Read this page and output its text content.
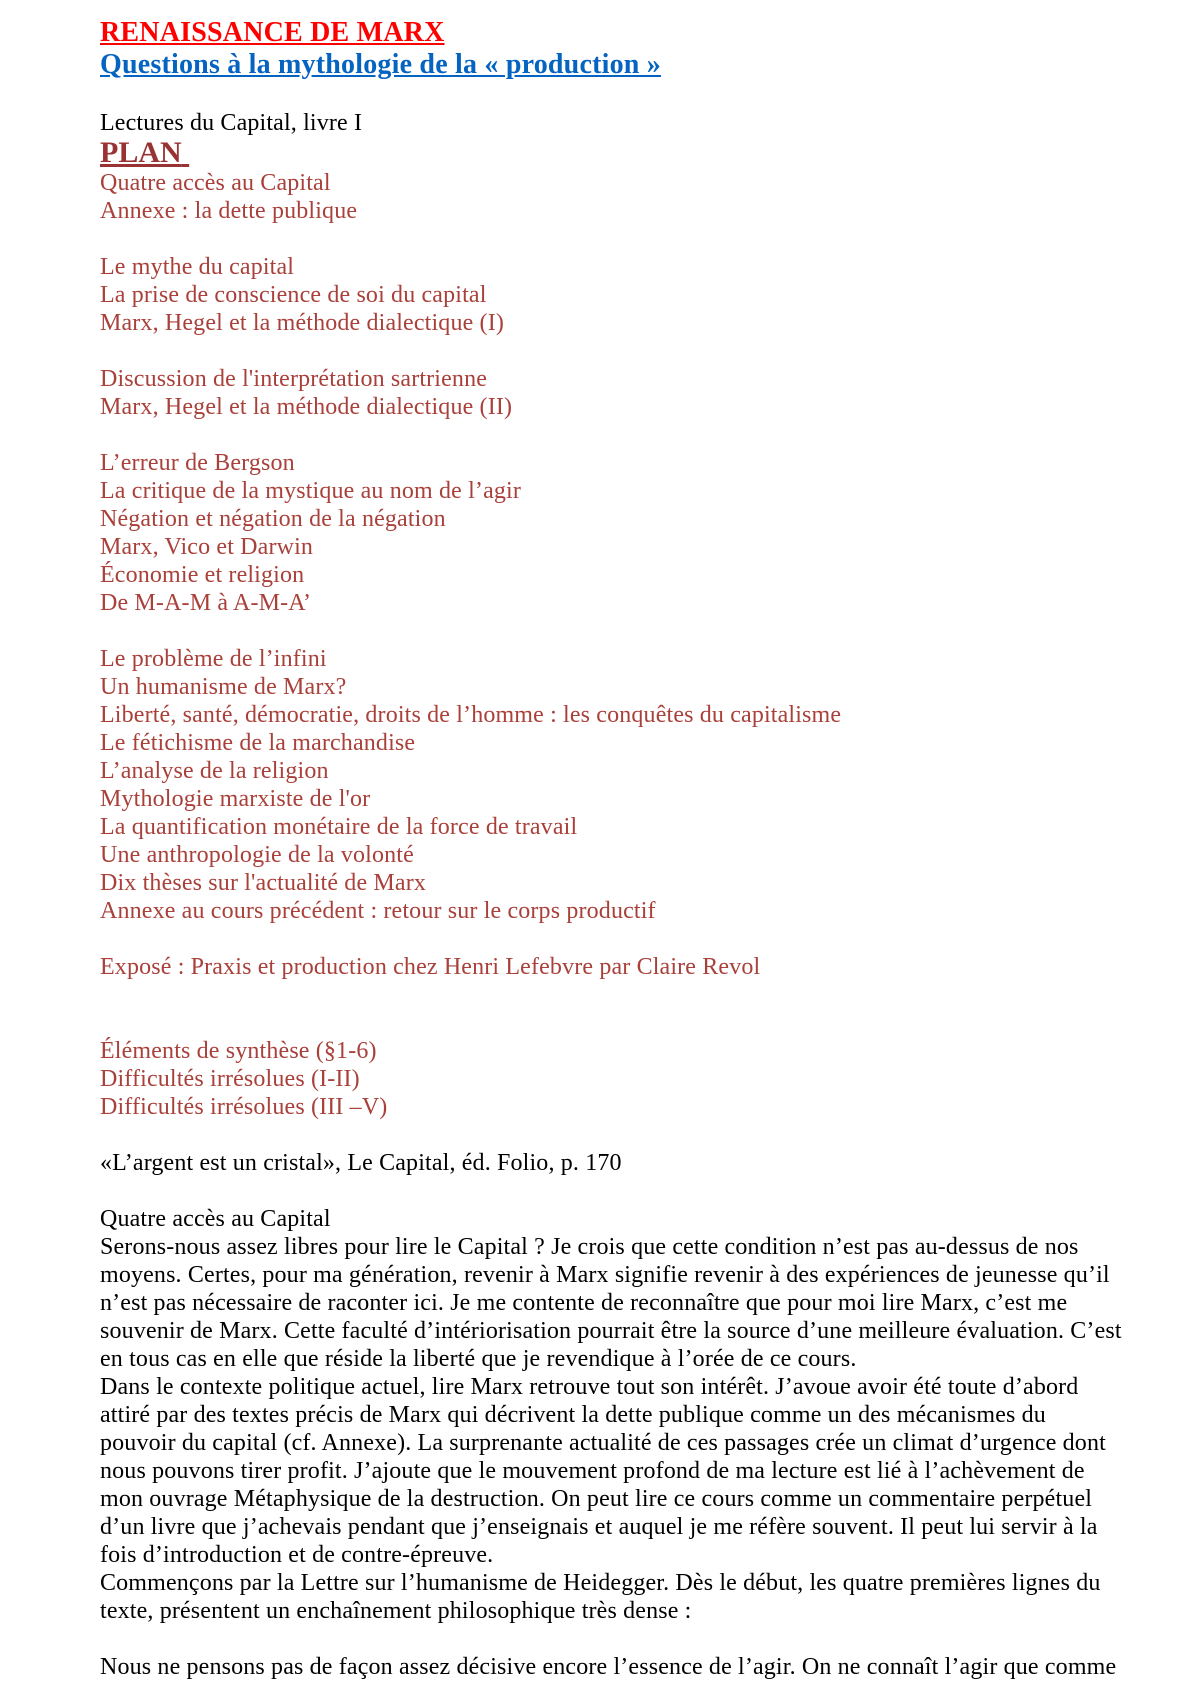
RENAISSANCE DE MARX
Questions à la mythologie de la « production »
Lectures du Capital, livre I
PLAN
Quatre accès au Capital
Annexe : la dette publique
Le mythe du capital
La prise de conscience de soi du capital
Marx, Hegel et la méthode dialectique (I)
Discussion de l'interprétation sartrienne
Marx, Hegel et la méthode dialectique (II)
L’erreur de Bergson
La critique de la mystique au nom de l’agir
Négation et négation de la négation
Marx, Vico et Darwin
Économie et religion
De M-A-M à A-M-A’
Le problème de l’infini
Un humanisme de Marx?
Liberté, santé, démocratie, droits de l’homme : les conquêtes du capitalisme
Le fétichisme de la marchandise
L’analyse de la religion
Mythologie marxiste de l'or
La quantification monétaire de la force de travail
Une anthropologie de la volonté
Dix thèses sur l'actualité de Marx
Annexe au cours précédent : retour sur le corps productif
Exposé : Praxis et production chez Henri Lefebvre par Claire Revol
Éléments de synthèse (§1-6)
Difficultés irrésolues (I-II)
Difficultés irrésolues (III –V)
«L’argent est un cristal», Le Capital, éd. Folio, p. 170
Quatre accès au Capital
Serons-nous assez libres pour lire le Capital ? Je crois que cette condition n’est pas au-dessus de nos
moyens. Certes, pour ma génération, revenir à Marx signifie revenir à des expériences de jeunesse qu’il
n’est pas nécessaire de raconter ici. Je me contente de reconnaître que pour moi lire Marx, c’est me
souvenir de Marx. Cette faculté d’intériorisation pourrait être la source d’une meilleure évaluation. C’est
en tous cas en elle que réside la liberté que je revendique à l’orée de ce cours.
Dans le contexte politique actuel, lire Marx retrouve tout son intérêt. J’avoue avoir été toute d’abord
attiré par des textes précis de Marx qui décrivent la dette publique comme un des mécanismes du
pouvoir du capital (cf. Annexe). La surprenante actualité de ces passages crée un climat d’urgence dont
nous pouvons tirer profit. J’ajoute que le mouvement profond de ma lecture est lié à l’achèvement de
mon ouvrage Métaphysique de la destruction. On peut lire ce cours comme un commentaire perpétuel
d’un livre que j’achevais pendant que j’enseignais et auquel je me réfère souvent. Il peut lui servir à la
fois d’introduction et de contre-épreuve.
Commençons par la Lettre sur l’humanisme de Heidegger. Dès le début, les quatre premières lignes du
texte, présentent un enchaînement philosophique très dense :
Nous ne pensons pas de façon assez décisive encore l’essence de l’agir. On ne connaît l’agir que comme
